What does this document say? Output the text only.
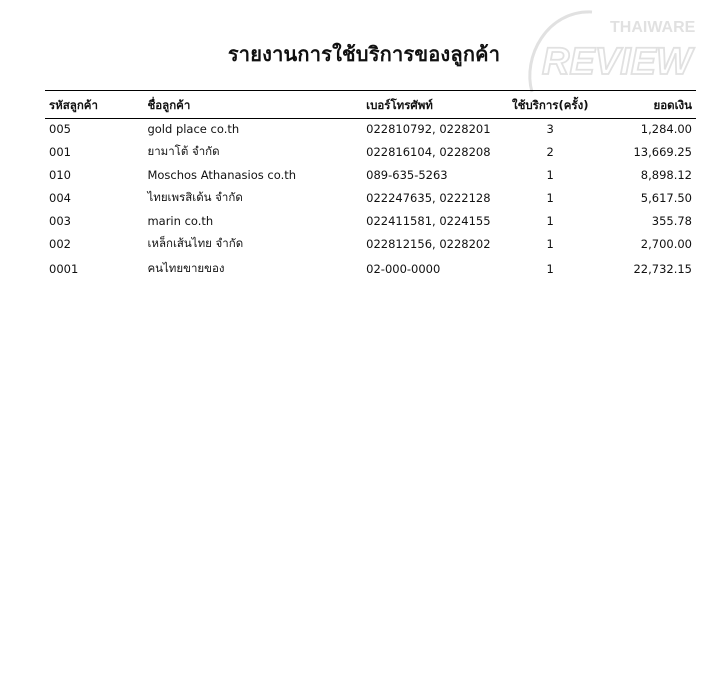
THAIWARE
REVIEW
รายงานการใช้บริการของลูกค้า
รหัสลูกค้า	ชื่อลูกค้า	เบอร์โทรศัพท์	ใช้บริการ(ครั้ง)	ยอดเงิน
005	gold place co.th	022810792, 0228201	3	1,284.00
001	ยามาโต้ จำกัด	022816104, 0228208	2	13,669.25
010	Moschos Athanasios co.th	089-635-5263	1	8,898.12
004	ไทยเพรสิเด้น จำกัด	022247635, 0222128	1	5,617.50
003	marin co.th	022411581, 0224155	1	355.78
002	เหล็กเส้นไทย จำกัด	022812156, 0228202	1	2,700.00
0001	คนไทยขายของ	02-000-0000	1	22,732.15
